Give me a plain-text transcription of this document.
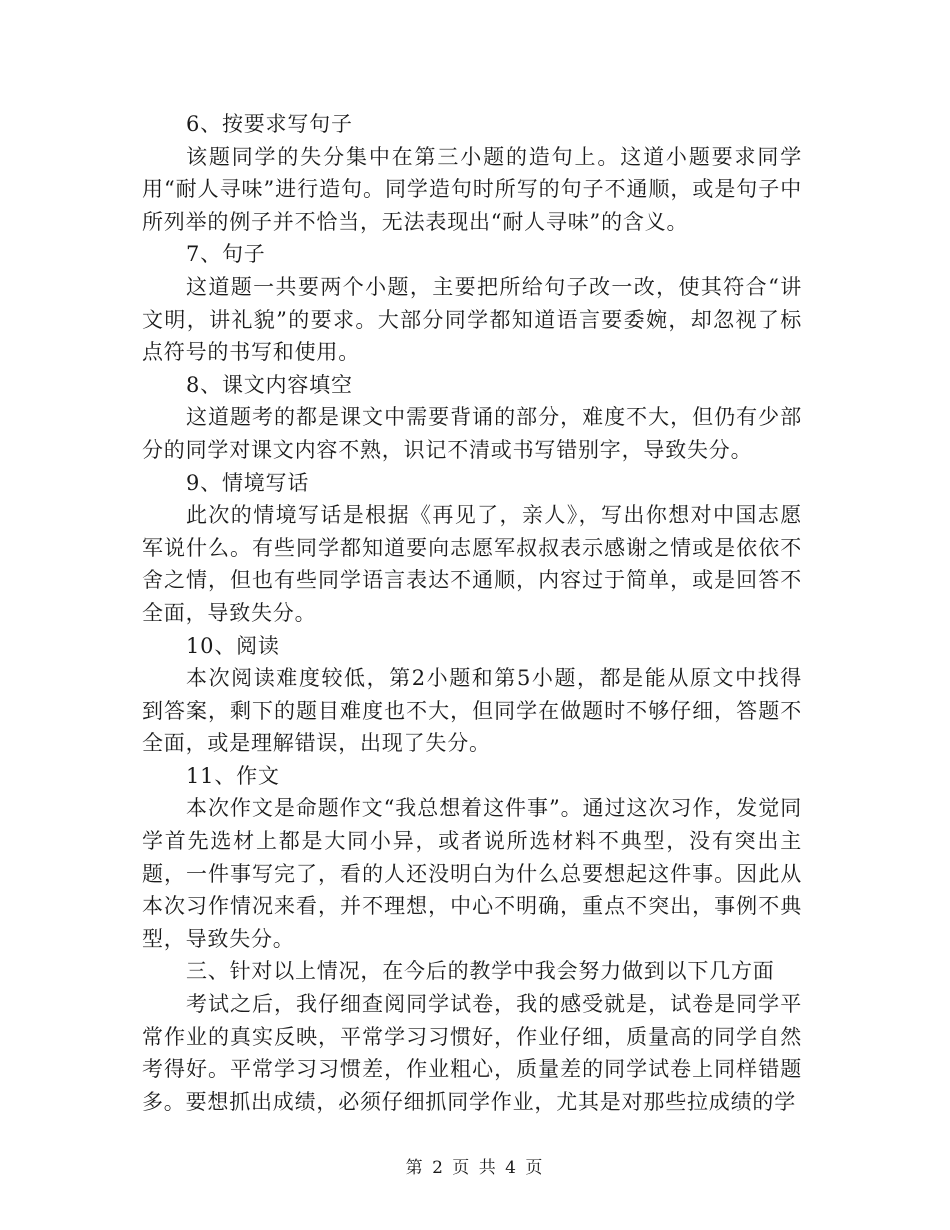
6、按要求写句子

该题同学的失分集中在第三小题的造句上。这道小题要求同学用“耐人寻味”进行造句。同学造句时所写的句子不通顺，或是句子中所列举的例子并不恰当，无法表现出“耐人寻味”的含义。

7、句子

这道题一共要两个小题，主要把所给句子改一改，使其符合“讲文明，讲礼貌”的要求。大部分同学都知道语言要委婉，却忽视了标点符号的书写和使用。

8、课文内容填空

这道题考的都是课文中需要背诵的部分，难度不大，但仍有少部分的同学对课文内容不熟，识记不清或书写错别字，导致失分。

9、情境写话

此次的情境写话是根据《再见了，亲人》，写出你想对中国志愿军说什么。有些同学都知道要向志愿军叔叔表示感谢之情或是依依不舍之情，但也有些同学语言表达不通顺，内容过于简单，或是回答不全面，导致失分。

10、阅读

本次阅读难度较低，第2小题和第5小题，都是能从原文中找得到答案，剩下的题目难度也不大，但同学在做题时不够仔细，答题不全面，或是理解错误，出现了失分。

11、作文

本次作文是命题作文“我总想着这件事”。通过这次习作，发觉同学首先选材上都是大同小异，或者说所选材料不典型，没有突出主题，一件事写完了，看的人还没明白为什么总要想起这件事。因此从本次习作情况来看，并不理想，中心不明确，重点不突出，事例不典型，导致失分。

三、针对以上情况，在今后的教学中我会努力做到以下几方面

考试之后，我仔细查阅同学试卷，我的感受就是，试卷是同学平常作业的真实反映，平常学习习惯好，作业仔细，质量高的同学自然考得好。平常学习习惯差，作业粗心，质量差的同学试卷上同样错题多。要想抓出成绩，必须仔细抓同学作业，尤其是对那些拉成绩的学

第 2 页 共 4 页
